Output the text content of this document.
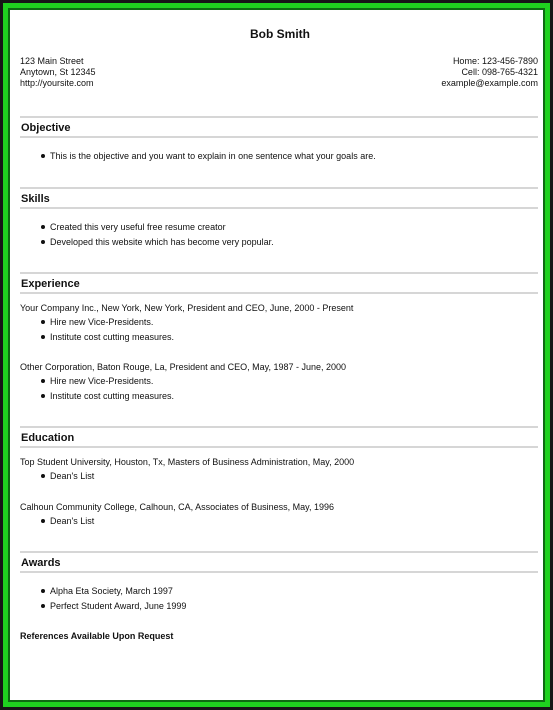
Bob Smith
123 Main Street
Anytown, St 12345
http://yoursite.com
Home: 123-456-7890
Cell: 098-765-4321
example@example.com
Objective
This is the objective and you want to explain in one sentence what your goals are.
Skills
Created this very useful free resume creator
Developed this website which has become very popular.
Experience
Your Company Inc., New York, New York, President and CEO, June, 2000 - Present
Hire new Vice-Presidents.
Institute cost cutting measures.
Other Corporation, Baton Rouge, La, President and CEO, May, 1987 - June, 2000
Hire new Vice-Presidents.
Institute cost cutting measures.
Education
Top Student University, Houston, Tx, Masters of Business Administration, May, 2000
Dean's List
Calhoun Community College, Calhoun, CA, Associates of Business, May, 1996
Dean's List
Awards
Alpha Eta Society, March 1997
Perfect Student Award, June 1999
References Available Upon Request
